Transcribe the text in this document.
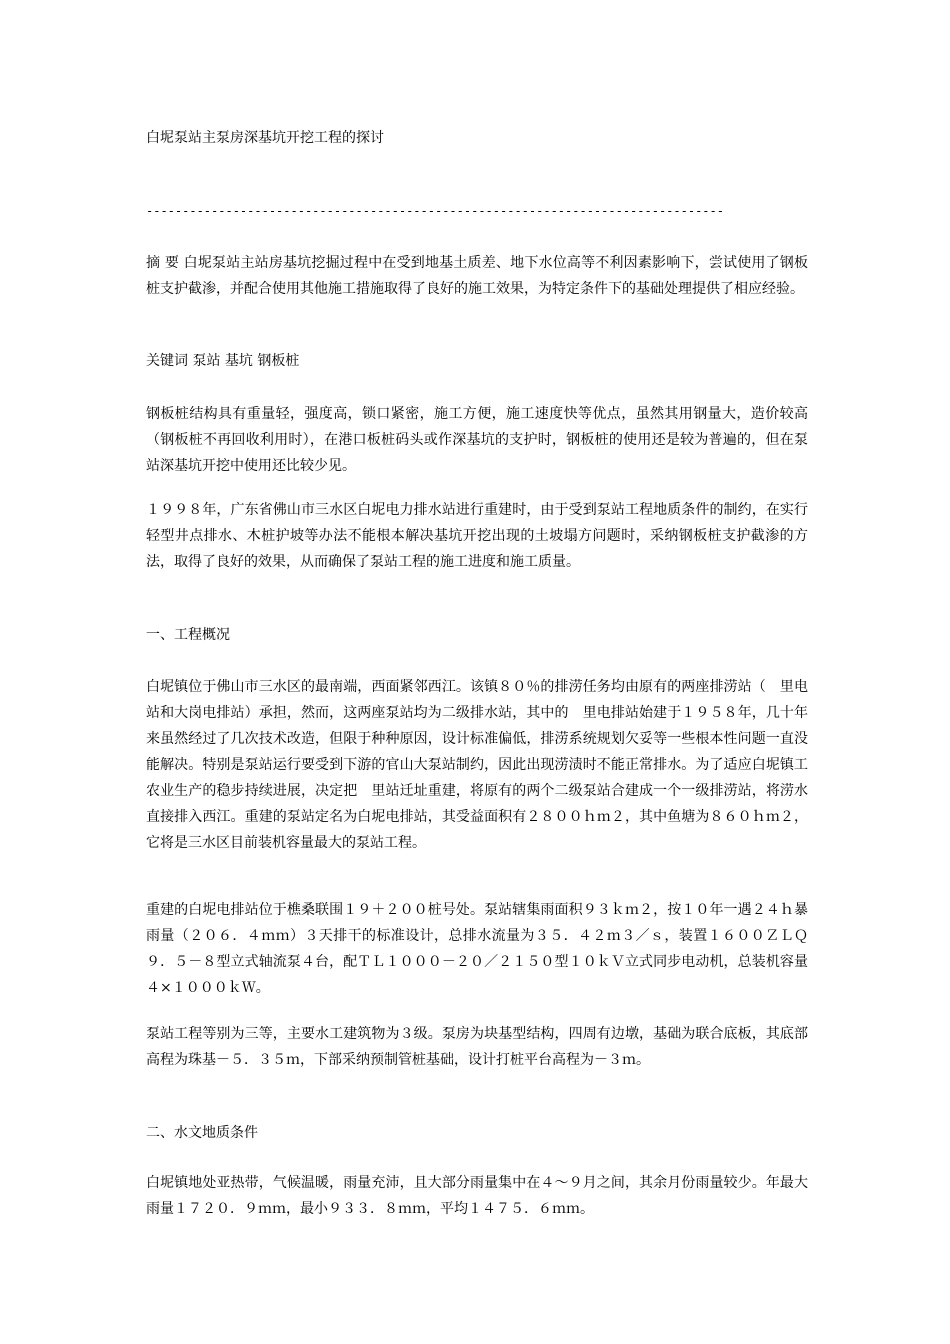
白坭泵站主泵房深基坑开挖工程的探讨
--------------------------------------------------------------------------------
摘 要 白坭泵站主站房基坑挖掘过程中在受到地基土质差、地下水位高等不利因素影响下，尝试使用了钢板桩支护截渗，并配合使用其他施工措施取得了良好的施工效果，为特定条件下的基础处理提供了相应经验。
关键词 泵站 基坑 钢板桩
钢板桩结构具有重量轻，强度高，锁口紧密，施工方便，施工速度快等优点，虽然其用钢量大，造价较高（钢板桩不再回收利用时），在港口板桩码头或作深基坑的支护时，钢板桩的使用还是较为普遍的，但在泵站深基坑开挖中使用还比较少见。
１９９８年，广东省佛山市三水区白坭电力排水站进行重建时，由于受到泵站工程地质条件的制约，在实行轻型井点排水、木桩护坡等办法不能根本解决基坑开挖出现的土坡塌方问题时，采纳钢板桩支护截渗的方法，取得了良好的效果，从而确保了泵站工程的施工进度和施工质量。
一、工程概况
白坭镇位于佛山市三水区的最南端，西面紧邻西江。该镇８０％的排涝任务均由原有的两座排涝站（　里电站和大岗电排站）承担，然而，这两座泵站均为二级排水站，其中的　里电排站始建于１９５８年，几十年来虽然经过了几次技术改造，但限于种种原因，设计标准偏低，排涝系统规划欠妥等一些根本性问题一直没能解决。特别是泵站运行要受到下游的官山大泵站制约，因此出现涝渍时不能正常排水。为了适应白坭镇工农业生产的稳步持续进展，决定把　里站迁址重建，将原有的两个二级泵站合建成一个一级排涝站，将涝水直接排入西江。重建的泵站定名为白坭电排站，其受益面积有２８００ｈｍ２，其中鱼塘为８６０ｈｍ２，它将是三水区目前装机容量最大的泵站工程。
重建的白坭电排站位于樵桑联围１９＋２００桩号处。泵站辖集雨面积９３ｋｍ２，按１０年一遇２４ｈ暴雨量（２０６．４ｍｍ）３天排干的标准设计，总排水流量为３５．４２ｍ３／ｓ，装置１６００ＺＬＱ９．５－８型立式轴流泵４台，配ＴＬ１０００－２０／２１５０型１０ｋＶ立式同步电动机，总装机容量４×１０００ｋＷ。
泵站工程等别为三等，主要水工建筑物为３级。泵房为块基型结构，四周有边墩，基础为联合底板，其底部高程为珠基－５．３５ｍ，下部采纳预制管桩基础，设计打桩平台高程为－３ｍ。
二、水文地质条件
白坭镇地处亚热带，气候温暖，雨量充沛，且大部分雨量集中在４～９月之间，其余月份雨量较少。年最大雨量１７２０．９ｍｍ，最小９３３．８ｍｍ，平均１４７５．６ｍｍ。
